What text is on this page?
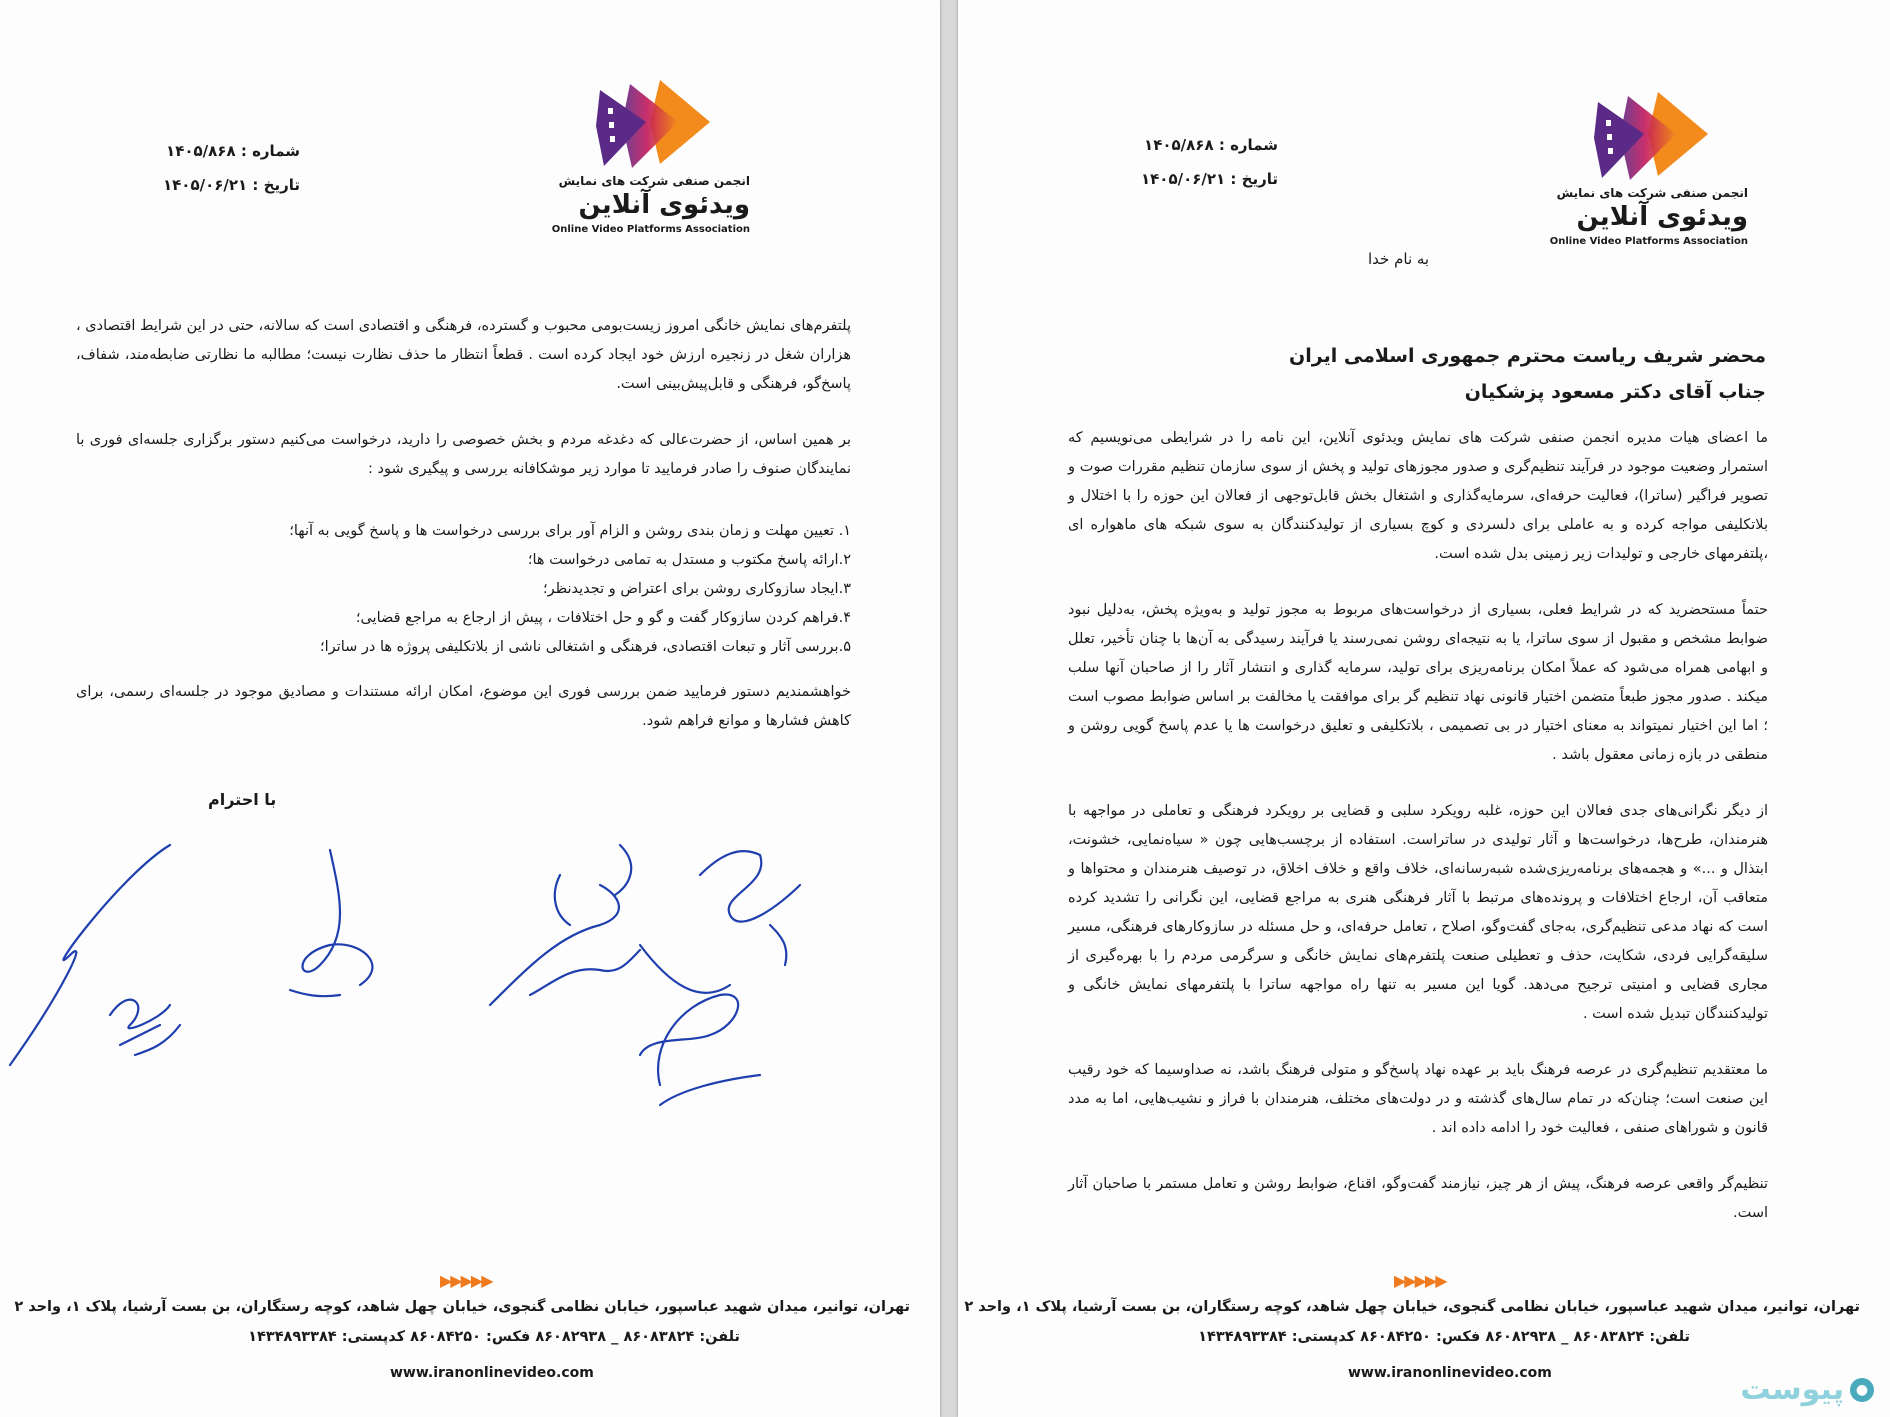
انجمن صنفی شرکت های نمایش
ویدئوی آنلاین
Online Video Platforms Association
شماره : ۱۴۰۵/۸۶۸
تاریخ : ۱۴۰۵/۰۶/۲۱

پلتفرم‌های نمایش خانگی امروز زیست‌بومی محبوب و گسترده، فرهنگی و اقتصادی است که سالانه، حتی در این شرایط اقتصادی ، هزاران شغل در زنجیره ارزش خود ایجاد کرده است . قطعاً انتظار ما حذف نظارت نیست؛ مطالبه ما نظارتی ضابطه‌مند، شفاف، پاسخ‌گو، فرهنگی و قابل‌پیش‌بینی است.

بر همین اساس، از حضرت‌عالی که دغدغه مردم و بخش خصوصی را دارید، درخواست می‌کنیم دستور برگزاری جلسه‌ای فوری با نمایندگان صنوف را صادر فرمایید تا موارد زیر موشکافانه بررسی و پیگیری شود :

۱. تعیین مهلت و زمان بندی روشن و الزام آور برای بررسی درخواست ها و پاسخ گویی به آنها؛
۲.ارائه پاسخ مکتوب و مستدل به تمامی درخواست ها؛
۳.ایجاد سازوکاری روشن برای اعتراض و تجدیدنظر؛
۴.فراهم کردن سازوکار گفت و گو و حل اختلافات ، پیش از ارجاع به مراجع قضایی؛
۵.بررسی آثار و تبعات اقتصادی، فرهنگی و اشتغالی ناشی از بلاتکلیفی پروژه ها در ساترا؛

خواهشمندیم دستور فرمایید ضمن بررسی فوری این موضوع، امکان ارائه مستندات و مصادیق موجود در جلسه‌ای رسمی، برای کاهش فشارها و موانع فراهم شود.

با احترام
▶▶▶▶▶
تهران، توانیر، میدان شهید عباسپور، خیابان نظامی گنجوی، خیابان چهل شاهد، کوچه رستگاران، بن بست آرشیا، پلاک ۱، واحد ۲
تلفن: ۸۶۰۸۳۸۲۴ _ ۸۶۰۸۲۹۳۸ فکس: ۸۶۰۸۴۲۵۰ کدپستی: ۱۴۳۴۸۹۳۳۸۴
www.iranonlinevideo.com
انجمن صنفی شرکت های نمایش
ویدئوی آنلاین
Online Video Platforms Association
شماره : ۱۴۰۵/۸۶۸
تاریخ : ۱۴۰۵/۰۶/۲۱
به نام خدا
محضر شریف ریاست محترم جمهوری اسلامی ایران
جناب آقای دکتر مسعود پزشکیان

ما اعضای هیات مدیره انجمن صنفی شرکت های نمایش ویدئوی آنلاین، این نامه را در شرایطی می‌نویسیم که استمرار وضعیت موجود در فرآیند تنظیم‌گری و صدور مجوزهای تولید و پخش از سوی سازمان تنظیم مقررات صوت و تصویر فراگیر (ساترا)، فعالیت حرفه‌ای، سرمایه‌گذاری و اشتغال بخش قابل‌توجهی از فعالان این حوزه را با اختلال و بلاتکلیفی مواجه کرده و به عاملی برای دلسردی و کوچ بسیاری از تولیدکنندگان به سوی شبکه های ماهواره ای ،پلتفرمهای خارجی و تولیدات زیر زمینی بدل شده است.

حتماً مستحضرید که در شرایط فعلی، بسیاری از درخواست‌های مربوط به مجوز تولید و به‌ویژه پخش، به‌دلیل نبود ضوابط مشخص و مقبول از سوی ساترا، یا به نتیجه‌ای روشن نمی‌رسند یا فرآیند رسیدگی به آن‌ها با چنان تأخیر، تعلل و ابهامی همراه می‌شود که عملاً امکان برنامه‌ریزی برای تولید، سرمایه گذاری و انتشار آثار را از صاحبان آنها سلب میکند . صدور مجوز طبعاً متضمن اختیار قانونی نهاد تنظیم گر برای موافقت یا مخالفت بر اساس ضوابط مصوب است ؛ اما این اختیار نمیتواند به معنای اختیار در بی تصمیمی ، بلاتکلیفی و تعلیق درخواست ها یا عدم پاسخ گویی روشن و منطقی در بازه زمانی معقول باشد .

از دیگر نگرانی‌های جدی فعالان این حوزه، غلبه رویکرد سلبی و قضایی بر رویکرد فرهنگی و تعاملی در مواجهه با هنرمندان، طرح‌ها، درخواست‌ها و آثار تولیدی در ساتراست. استفاده از برچسب‌هایی چون « سیاه‌نمایی، خشونت، ابتذال و ...» و هجمه‌های برنامه‌ریزی‌شده شبه‌رسانه‌ای، خلاف واقع و خلاف اخلاق، در توصیف هنرمندان و محتواها و متعاقب آن، ارجاع اختلافات و پرونده‌های مرتبط با آثار فرهنگی هنری به مراجع قضایی، این نگرانی را تشدید کرده است که نهاد مدعی تنظیم‌گری، به‌جای گفت‌وگو، اصلاح ، تعامل حرفه‌ای، و حل مسئله در سازوکارهای فرهنگی، مسیر سلیقه‌گرایی فردی، شکایت، حذف و تعطیلی صنعت پلتفرم‌های نمایش خانگی و سرگرمی مردم را با بهره‌گیری از مجاری قضایی و امنیتی ترجیح می‌دهد. گویا این مسیر به تنها راه مواجهه ساترا با پلتفرمهای نمایش خانگی و تولیدکنندگان تبدیل شده است .

ما معتقدیم تنظیم‌گری در عرصه فرهنگ باید بر عهده نهاد پاسخ‌گو و متولی فرهنگ باشد، نه صداوسیما که خود رقیب این صنعت است؛ چنان‌که در تمام سال‌های گذشته و در دولت‌های مختلف، هنرمندان با فراز و نشیب‌هایی، اما به مدد قانون و شوراهای صنفی ، فعالیت خود را ادامه داده اند .

تنظیم‌گر واقعی عرصه فرهنگ، پیش از هر چیز، نیازمند گفت‌وگو، اقناع، ضوابط روشن و تعامل مستمر با صاحبان آثار است.

▶▶▶▶▶
تهران، توانیر، میدان شهید عباسپور، خیابان نظامی گنجوی، خیابان چهل شاهد، کوچه رستگاران، بن بست آرشیا، پلاک ۱، واحد ۲
تلفن: ۸۶۰۸۳۸۲۴ _ ۸۶۰۸۲۹۳۸ فکس: ۸۶۰۸۴۲۵۰ کدپستی: ۱۴۳۴۸۹۳۳۸۴
www.iranonlinevideo.com	پیوست ●
